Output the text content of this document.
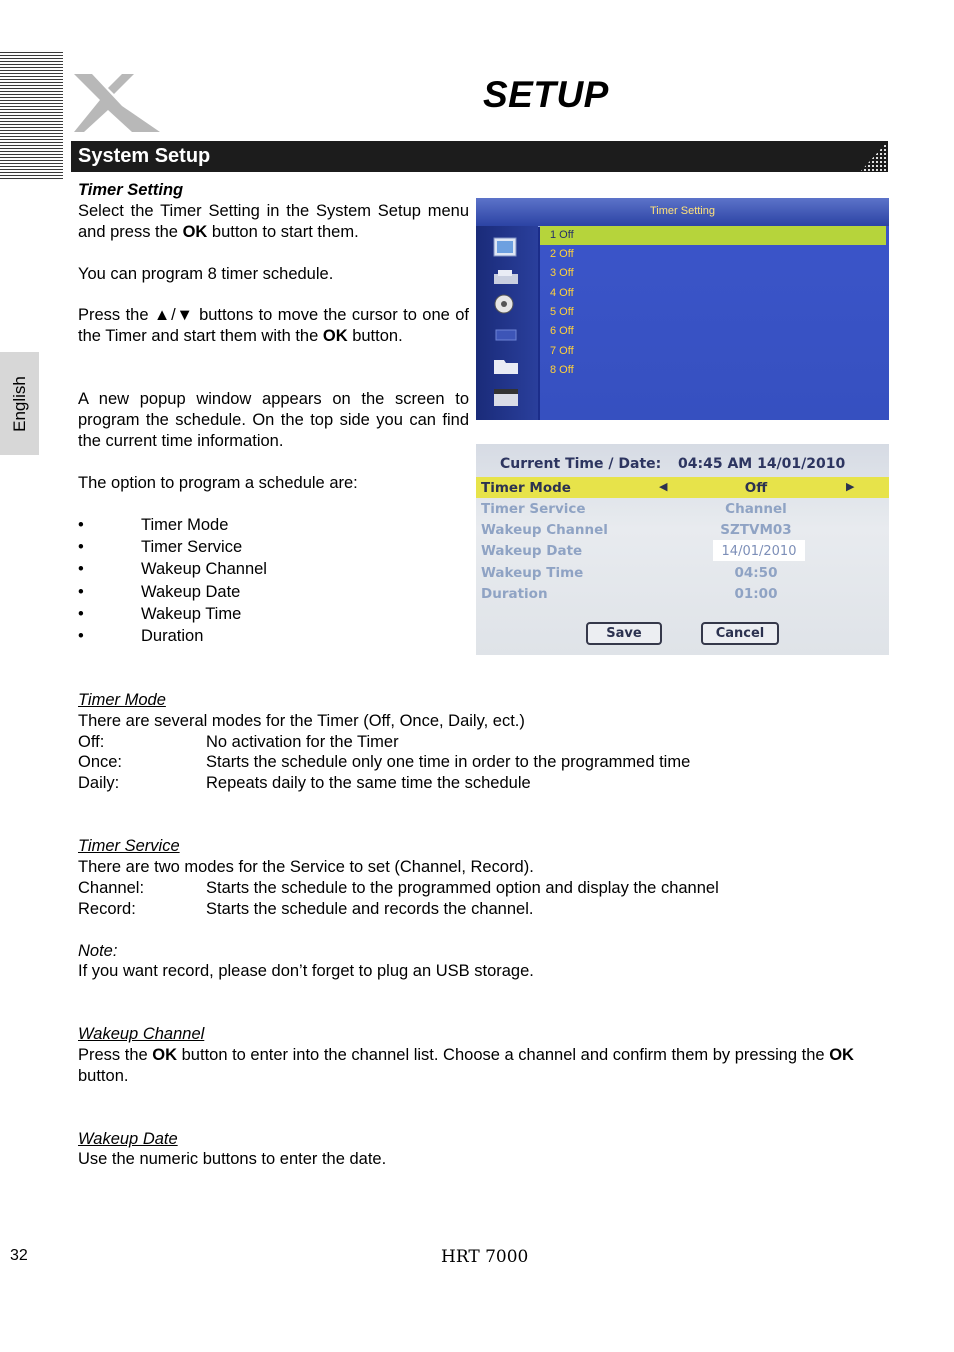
SETUP
System Setup
English
Timer Setting
Select the Timer Setting in the System Setup menu and press the OK button to start them.
You can program 8 timer schedule.
Press the ▲/▼ buttons to move the cursor to one of the Timer and start them with the OK button.
A new popup window appears on the screen to program the schedule. On the top side you can find the current time information.
The option to program a schedule are:
•	Timer Mode
•	Timer Service
•	Wakeup Channel
•	Wakeup Date
•	Wakeup Time
•	Duration
Timer Setting
1 Off
2 Off
3 Off
4 Off
5 Off
6 Off
7 Off
8 Off
Current Time / Date: 04:45 AM 14/01/2010
Timer Mode	◀	Off	▶
Timer Service	Channel
Wakeup Channel	SZTVM03
Wakeup Date	14/01/2010
Wakeup Time	04:50
Duration	01:00
Save	Cancel
Timer Mode
There are several modes for the Timer (Off, Once, Daily, ect.)
Off:	No activation for the Timer
Once:	Starts the schedule only one time in order to the programmed time
Daily:	Repeats daily to the same time the schedule
Timer Service
There are two modes for the Service to set (Channel, Record).
Channel:	Starts the schedule to the programmed option and display the channel
Record:	Starts the schedule and records the channel.
Note:
If you want record, please don’t forget to plug an USB storage.
Wakeup Channel
Press the OK button to enter into the channel list. Choose a channel and confirm them by pressing the OK button.
Wakeup Date
Use the numeric buttons to enter the date.
32	HRT 7000
